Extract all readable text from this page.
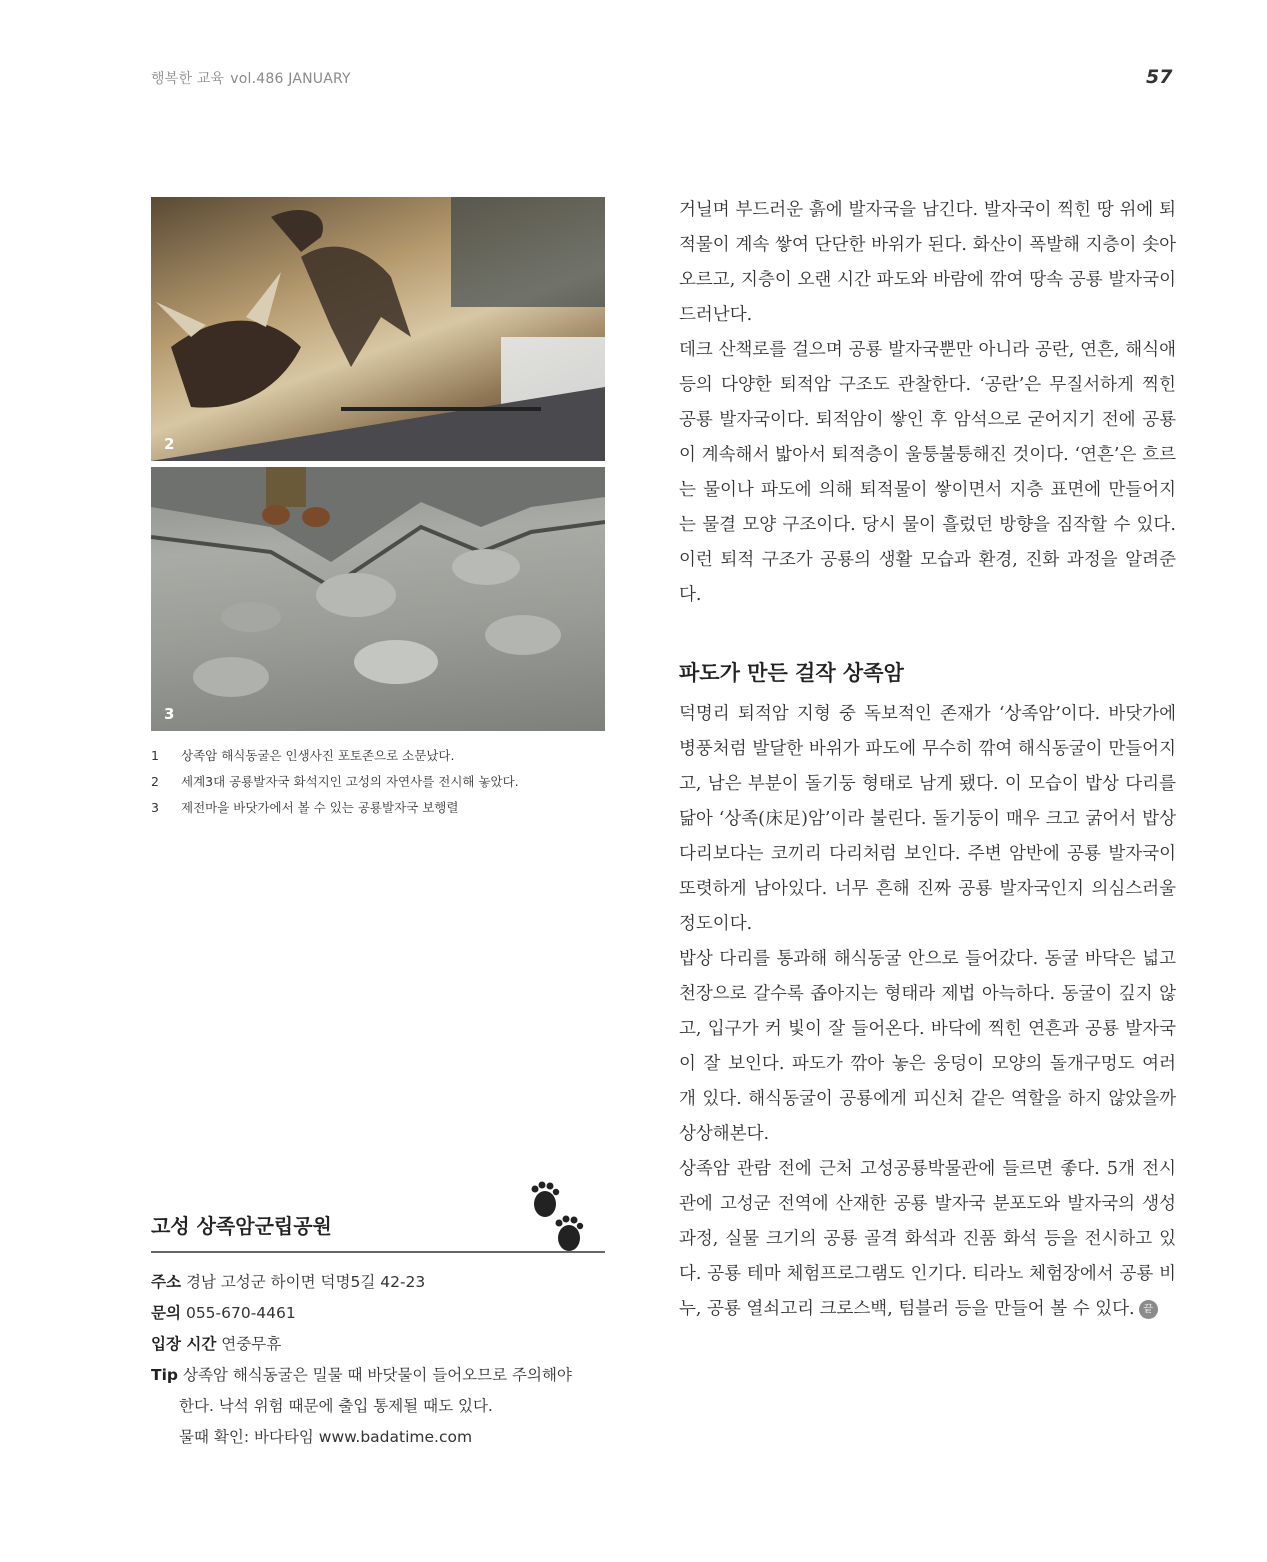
행복한 교육 vol.486 JANUARY	57
2
3
1	상족암 해식동굴은 인생사진 포토존으로 소문났다.
2	세계3대 공룡발자국 화석지인 고성의 자연사를 전시해 놓았다.
3	제전마을 바닷가에서 볼 수 있는 공룡발자국 보행렬
고성 상족암군립공원
주소 경남 고성군 하이면 덕명5길 42-23
문의 055-670-4461
입장 시간 연중무휴
Tip 상족암 해식동굴은 밀물 때 바닷물이 들어오므로 주의해야
한다. 낙석 위험 때문에 출입 통제될 때도 있다.
물때 확인: 바다타임 www.badatime.com

거닐며 부드러운 흙에 발자국을 남긴다. 발자국이 찍힌 땅 위에 퇴적물이 계속 쌓여 단단한 바위가 된다. 화산이 폭발해 지층이 솟아오르고, 지층이 오랜 시간 파도와 바람에 깎여 땅속 공룡 발자국이 드러난다.

데크 산책로를 걸으며 공룡 발자국뿐만 아니라 공란, 연흔, 해식애 등의 다양한 퇴적암 구조도 관찰한다. ‘공란’은 무질서하게 찍힌 공룡 발자국이다. 퇴적암이 쌓인 후 암석으로 굳어지기 전에 공룡이 계속해서 밟아서 퇴적층이 울퉁불퉁해진 것이다. ‘연흔’은 흐르는 물이나 파도에 의해 퇴적물이 쌓이면서 지층 표면에 만들어지는 물결 모양 구조이다. 당시 물이 흘렀던 방향을 짐작할 수 있다. 이런 퇴적 구조가 공룡의 생활 모습과 환경, 진화 과정을 알려준다.

파도가 만든 걸작 상족암

덕명리 퇴적암 지형 중 독보적인 존재가 ‘상족암’이다. 바닷가에 병풍처럼 발달한 바위가 파도에 무수히 깎여 해식동굴이 만들어지고, 남은 부분이 돌기둥 형태로 남게 됐다. 이 모습이 밥상 다리를 닮아 ‘상족(床足)암’이라 불린다. 돌기둥이 매우 크고 굵어서 밥상 다리보다는 코끼리 다리처럼 보인다. 주변 암반에 공룡 발자국이 또렷하게 남아있다. 너무 흔해 진짜 공룡 발자국인지 의심스러울 정도이다.

밥상 다리를 통과해 해식동굴 안으로 들어갔다. 동굴 바닥은 넓고 천장으로 갈수록 좁아지는 형태라 제법 아늑하다. 동굴이 깊지 않고, 입구가 커 빛이 잘 들어온다. 바닥에 찍힌 연흔과 공룡 발자국이 잘 보인다. 파도가 깎아 놓은 웅덩이 모양의 돌개구멍도 여러 개 있다. 해식동굴이 공룡에게 피신처 같은 역할을 하지 않았을까 상상해본다.

상족암 관람 전에 근처 고성공룡박물관에 들르면 좋다. 5개 전시관에 고성군 전역에 산재한 공룡 발자국 분포도와 발자국의 생성 과정, 실물 크기의 공룡 골격 화석과 진품 화석 등을 전시하고 있다. 공룡 테마 체험프로그램도 인기다. 티라노 체험장에서 공룡 비누, 공룡 열쇠고리 크로스백, 텀블러 등을 만들어 볼 수 있다. 끝
